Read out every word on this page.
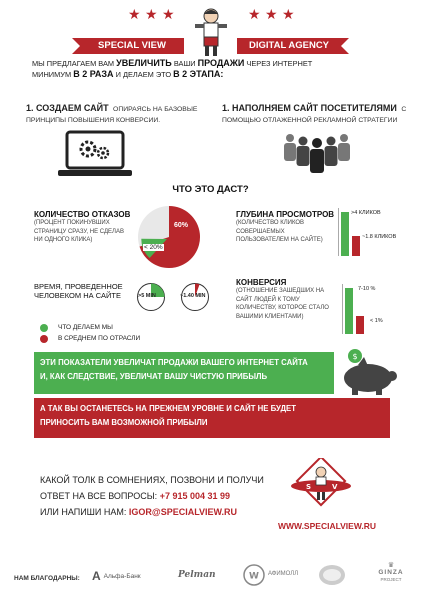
★ ★ ★	★ ★ ★
SPECIAL VIEW	DIGITAL AGENCY
МЫ ПРЕДЛАГАЕМ ВАМ УВЕЛИЧИТЬ ВАШИ ПРОДАЖИ ЧЕРЕЗ ИНТЕРНЕТ
МИНИМУМ В 2 РАЗА И ДЕЛАЕМ ЭТО В 2 ЭТАПА:
1. СОЗДАЕМ САЙТ ОПИРАЯСЬ НА БАЗОВЫЕ
ПРИНЦИПЫ ПОВЫШЕНИЯ КОНВЕРСИИ.
1. НАПОЛНЯЕМ САЙТ ПОСЕТИТЕЛЯМИ С
ПОМОЩЬЮ ОТЛАЖЕННОЙ РЕКЛАМНОЙ СТРАТЕГИИ
ЧТО ЭТО ДАСТ?
КОЛИЧЕСТВО ОТКАЗОВ
(ПРОЦЕНТ ПОКИНУВШИХ
СТРАНИЦУ СРАЗУ, НЕ СДЕЛАВ
НИ ОДНОГО КЛИКА)
60%
< 20%
ГЛУБИНА ПРОСМОТРОВ
(КОЛИЧЕСТВО КЛИКОВ
СОВЕРШАЕМЫХ
ПОЛЬЗОВАТЕЛЕМ НА САЙТЕ)
>4 КЛИКОВ
~1.8 КЛИКОВ
ВРЕМЯ, ПРОВЕДЕННОЕ
ЧЕЛОВЕКОМ НА САЙТЕ	>5 MIN	~1.40 MIN
КОНВЕРСИЯ
(ОТНОШЕНИЕ ЗАШЕДШИХ НА
САЙТ ЛЮДЕЙ К ТОМУ
КОЛИЧЕСТВУ, КОТОРОЕ СТАЛО
ВАШИМИ КЛИЕНТАМИ)
7-10 %
< 1%
ЧТО ДЕЛАЕМ МЫ
В СРЕДНЕМ ПО ОТРАСЛИ
ЭТИ ПОКАЗАТЕЛИ УВЕЛИЧАТ ПРОДАЖИ ВАШЕГО ИНТЕРНЕТ САЙТА
И, КАК СЛЕДСТВИЕ, УВЕЛИЧАТ ВАШУ ЧИСТУЮ ПРИБЫЛЬ
$
А ТАК ВЫ ОСТАНЕТЕСЬ НА ПРЕЖНЕМ УРОВНЕ И САЙТ НЕ БУДЕТ
ПРИНОСИТЬ ВАМ ВОЗМОЖНОЙ ПРИБЫЛИ
КАКОЙ ТОЛК В СОМНЕНИЯХ, ПОЗВОНИ И ПОЛУЧИ
ОТВЕТ НА ВСЕ ВОПРОСЫ: +7 915 004 31 99
ИЛИ НАПИШИ НАМ: IGOR@SPECIALVIEW.RU
S	V
WWW.SPECIALVIEW.RU
НАМ БЛАГОДАРНЫ: A Альфа-Банк	Pelman	W АФИМОЛЛ
♛
GINZA
PROJECT
